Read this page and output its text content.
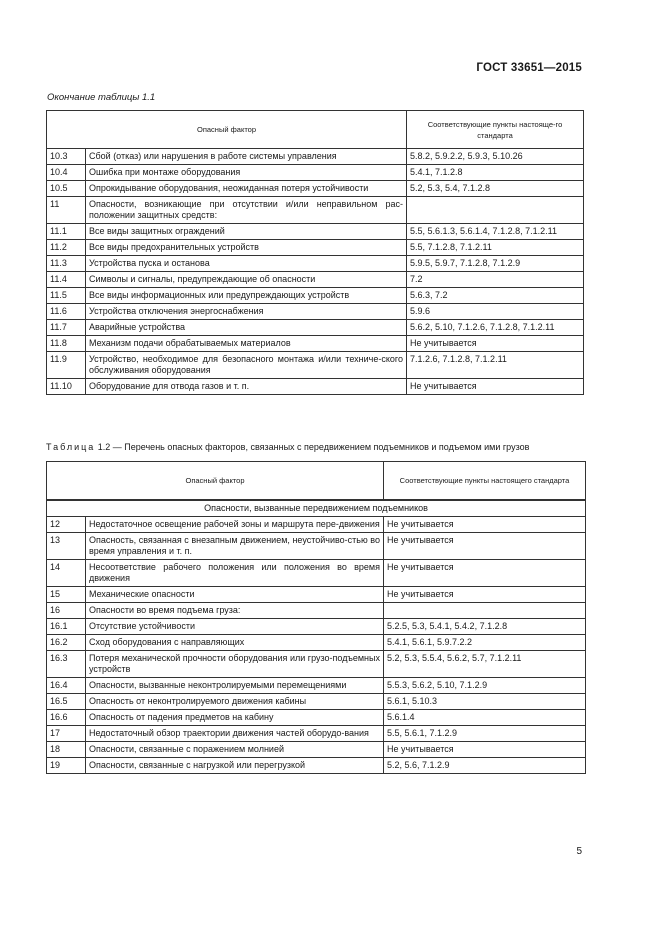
ГОСТ 33651—2015
Окончание таблицы 1.1
Опасный фактор		Соответствующие пункты настояще-го стандарта
10.3	Сбой (отказ) или нарушения в работе системы управления	5.8.2, 5.9.2.2, 5.9.3, 5.10.26
10.4	Ошибка при монтаже оборудования	5.4.1, 7.1.2.8
10.5	Опрокидывание оборудования, неожиданная потеря устойчивости	5.2, 5.3, 5.4, 7.1.2.8
11	Опасности, возникающие при отсутствии и/или неправильном рас-положении защитных средств:	
11.1	Все виды защитных ограждений	5.5, 5.6.1.3, 5.6.1.4, 7.1.2.8, 7.1.2.11
11.2	Все виды предохранительных устройств	5.5, 7.1.2.8, 7.1.2.11
11.3	Устройства пуска и останова	5.9.5, 5.9.7, 7.1.2.8, 7.1.2.9
11.4	Символы и сигналы, предупреждающие об опасности	7.2
11.5	Все виды информационных или предупреждающих устройств	5.6.3, 7.2
11.6	Устройства отключения энергоснабжения	5.9.6
11.7	Аварийные устройства	5.6.2, 5.10, 7.1.2.6, 7.1.2.8, 7.1.2.11
11.8	Механизм подачи обрабатываемых материалов	Не учитывается
11.9	Устройство, необходимое для безопасного монтажа и/или техниче-ского обслуживания оборудования	7.1.2.6, 7.1.2.8, 7.1.2.11
11.10	Оборудование для отвода газов и т. п.	Не учитывается
Таблица 1.2 — Перечень опасных факторов, связанных с передвижением подъемников и подъемом ими грузов
Опасный фактор		Соответствующие пункты настоящего стандарта
Опасности, вызванные передвижением подъемников		
12	Недостаточное освещение рабочей зоны и маршрута пере-движения	Не учитывается
13	Опасность, связанная с внезапным движением, неустойчиво-стью во время управления и т. п.	Не учитывается
14	Несоответствие рабочего положения или положения во время движения	Не учитывается
15	Механические опасности	Не учитывается
16	Опасности во время подъема груза:	
16.1	Отсутствие устойчивости	5.2.5, 5.3, 5.4.1, 5.4.2, 7.1.2.8
16.2	Сход оборудования с направляющих	5.4.1, 5.6.1, 5.9.7.2.2
16.3	Потеря механической прочности оборудования или грузо-подъемных устройств	5.2, 5.3, 5.5.4, 5.6.2, 5.7, 7.1.2.11
16.4	Опасности, вызванные неконтролируемыми перемещениями	5.5.3, 5.6.2, 5.10, 7.1.2.9
16.5	Опасность от неконтролируемого движения кабины	5.6.1, 5.10.3
16.6	Опасность от падения предметов на кабину	5.6.1.4
17	Недостаточный обзор траектории движения частей оборудо-вания	5.5, 5.6.1, 7.1.2.9
18	Опасности, связанные с поражением молнией	Не учитывается
19	Опасности, связанные с нагрузкой или перегрузкой	5.2, 5.6, 7.1.2.9
5
